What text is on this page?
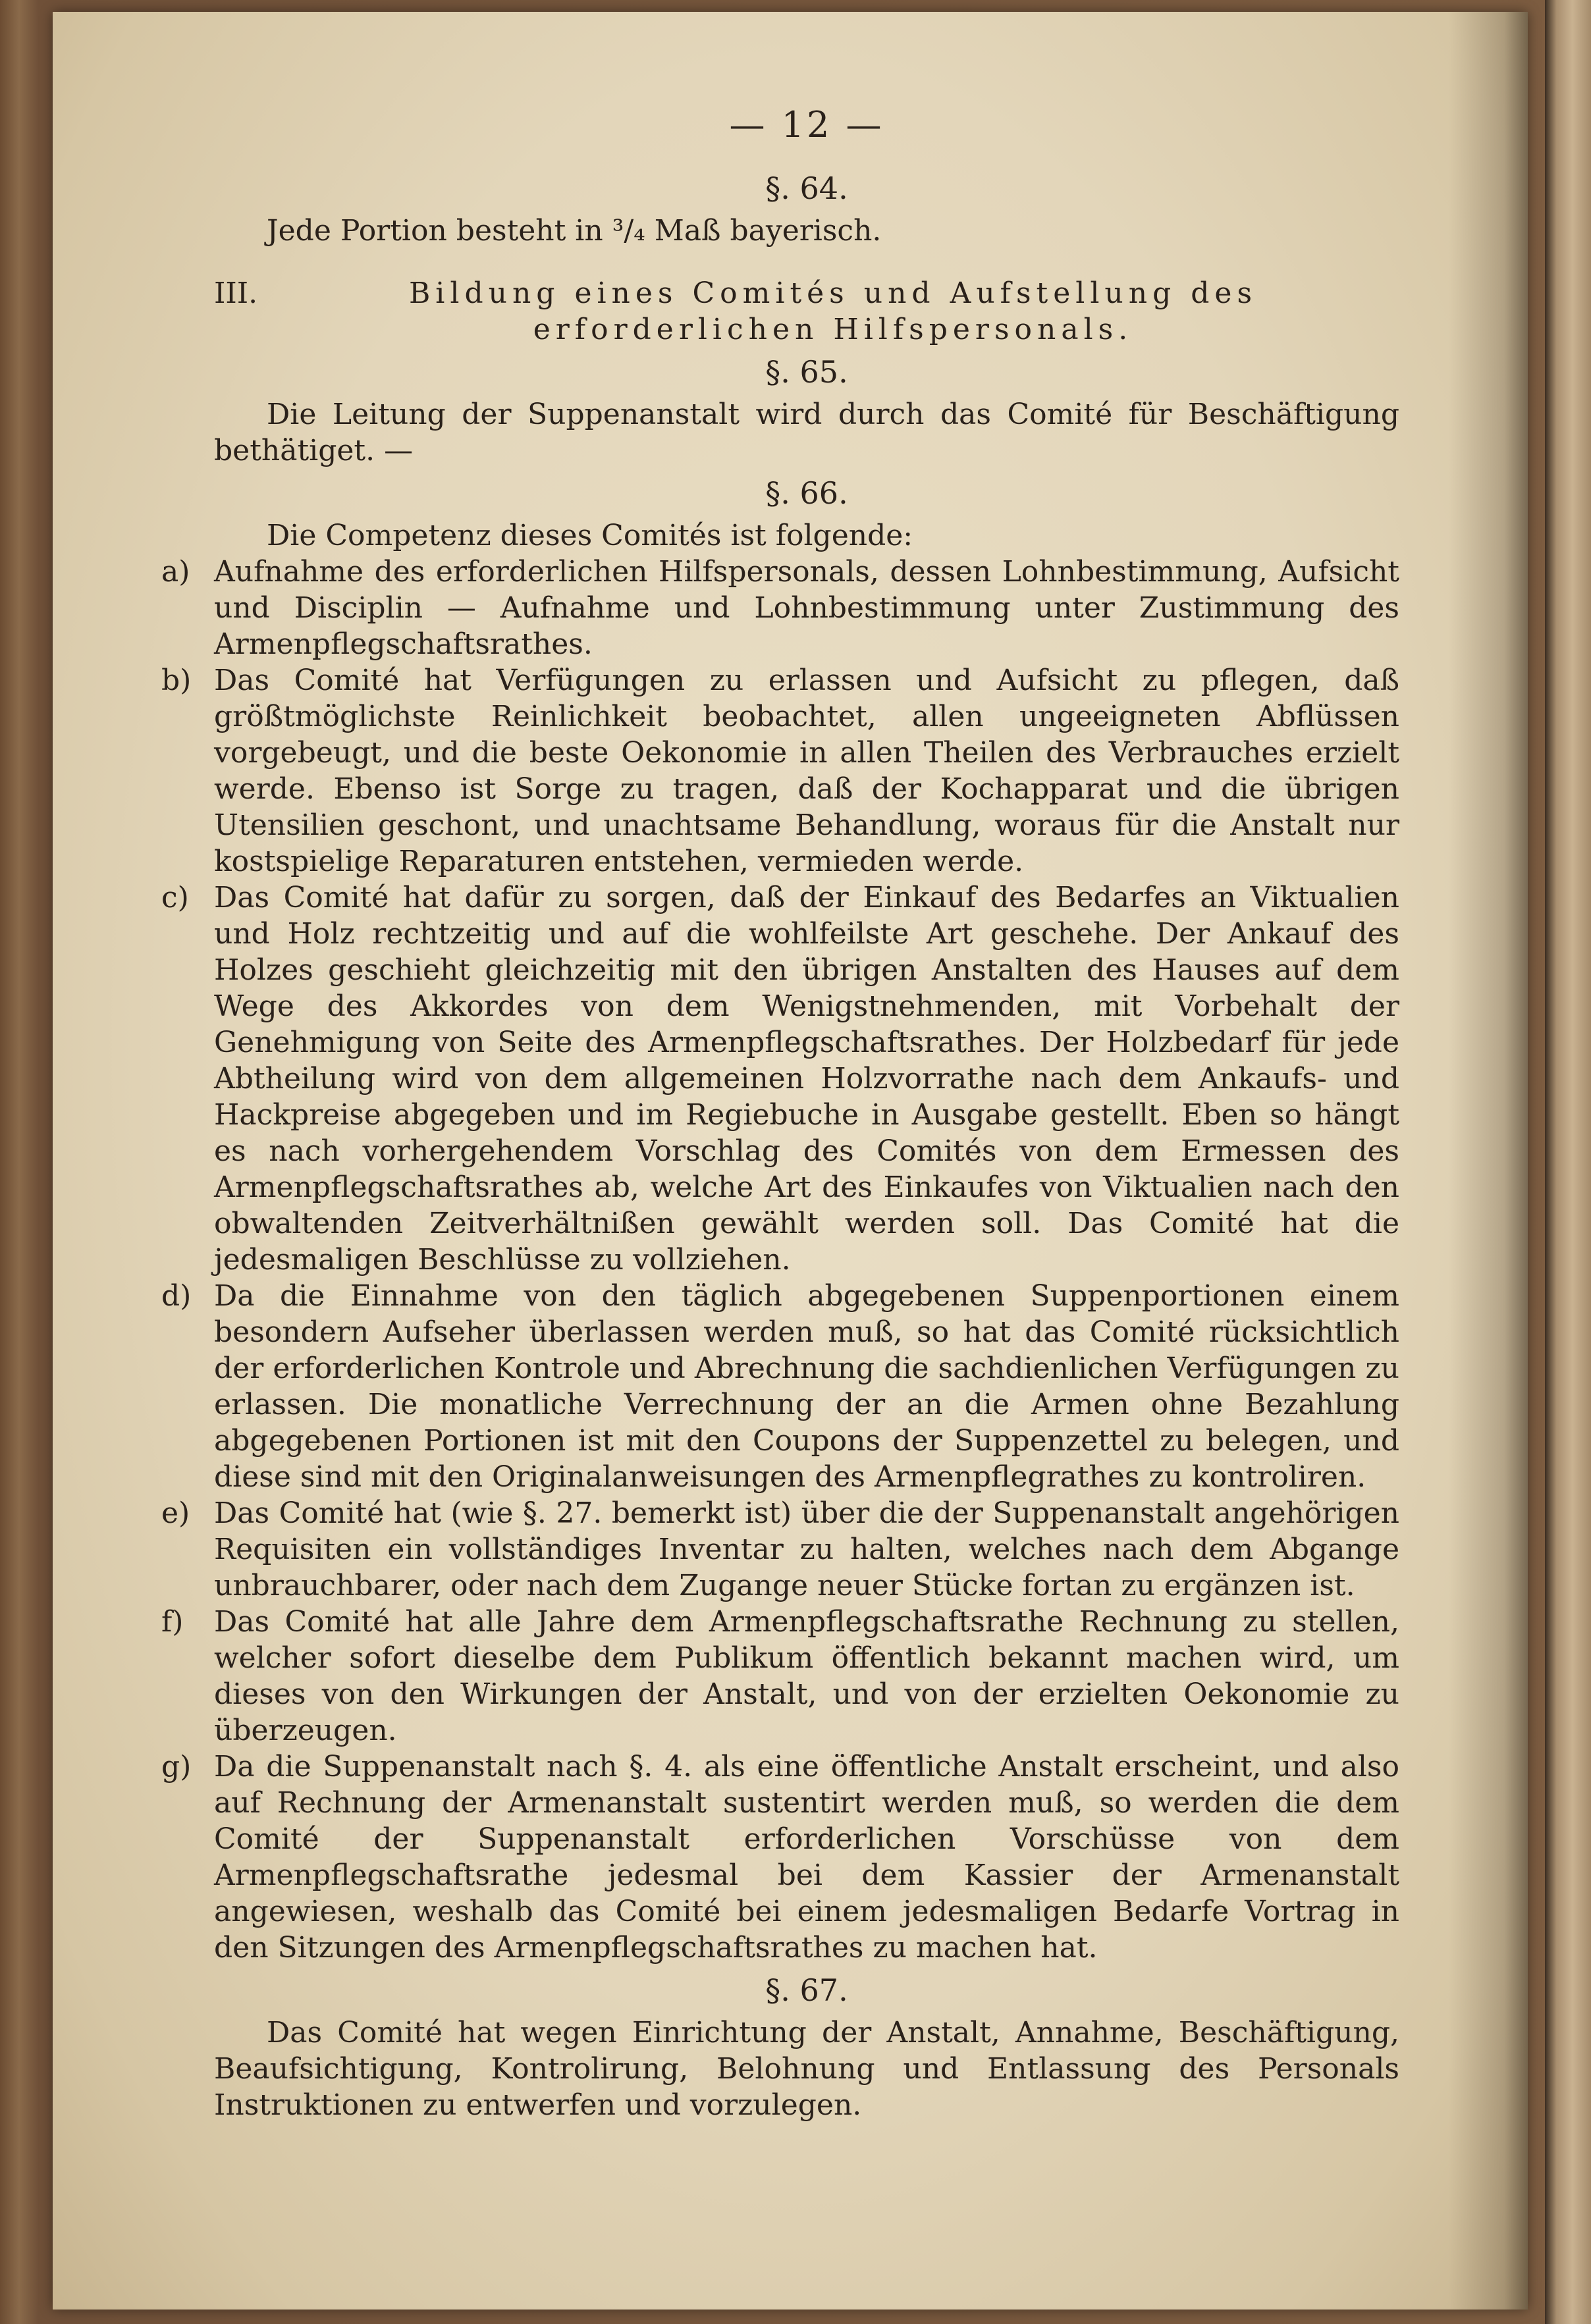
— 12 —
§. 64.

Jede Portion besteht in ³/₄ Maß bayerisch.

III.	Bildung eines Comités und Aufstellung des erforderlichen Hilfspersonals.
§. 65.

Die Leitung der Suppenanstalt wird durch das Comité für Beschäftigung bethätiget. —

§. 66.

Die Competenz dieses Comités ist folgende:

a) Aufnahme des erforderlichen Hilfspersonals, dessen Lohnbestimmung, Aufsicht und Disciplin — Aufnahme und Lohnbestimmung unter Zustimmung des Armenpflegschaftsrathes.
b) Das Comité hat Verfügungen zu erlassen und Aufsicht zu pflegen, daß größtmöglichste Reinlichkeit beobachtet, allen ungeeigneten Abflüssen vorgebeugt, und die beste Oekonomie in allen Theilen des Verbrauches erzielt werde. Ebenso ist Sorge zu tragen, daß der Kochapparat und die übrigen Utensilien geschont, und unachtsame Behandlung, woraus für die Anstalt nur kostspielige Reparaturen entstehen, vermieden werde.
c) Das Comité hat dafür zu sorgen, daß der Einkauf des Bedarfes an Viktualien und Holz rechtzeitig und auf die wohlfeilste Art geschehe. Der Ankauf des Holzes geschieht gleichzeitig mit den übrigen Anstalten des Hauses auf dem Wege des Akkordes von dem Wenigstnehmenden, mit Vorbehalt der Genehmigung von Seite des Armenpflegschaftsrathes. Der Holzbedarf für jede Abtheilung wird von dem allgemeinen Holzvorrathe nach dem Ankaufs- und Hackpreise abgegeben und im Regiebuche in Ausgabe gestellt. Eben so hängt es nach vorhergehendem Vorschlag des Comités von dem Ermessen des Armenpflegschaftsrathes ab, welche Art des Einkaufes von Viktualien nach den obwaltenden Zeitverhältnißen gewählt werden soll. Das Comité hat die jedesmaligen Beschlüsse zu vollziehen.
d) Da die Einnahme von den täglich abgegebenen Suppenportionen einem besondern Aufseher überlassen werden muß, so hat das Comité rücksichtlich der erforderlichen Kontrole und Abrechnung die sachdienlichen Verfügungen zu erlassen. Die monatliche Verrechnung der an die Armen ohne Bezahlung abgegebenen Portionen ist mit den Coupons der Suppenzettel zu belegen, und diese sind mit den Originalanweisungen des Armenpflegrathes zu kontroliren.
e) Das Comité hat (wie §. 27. bemerkt ist) über die der Suppenanstalt angehörigen Requisiten ein vollständiges Inventar zu halten, welches nach dem Abgange unbrauchbarer, oder nach dem Zugange neuer Stücke fortan zu ergänzen ist.
f)	Das Comité hat alle Jahre dem Armenpflegschaftsrathe Rechnung zu stellen, welcher sofort dieselbe dem Publikum öffentlich bekannt machen wird, um dieses von den Wirkungen der Anstalt, und von der erzielten Oekonomie zu überzeugen.
g) Da die Suppenanstalt nach §. 4. als eine öffentliche Anstalt erscheint, und also auf Rechnung der Armenanstalt sustentirt werden muß, so werden die dem Comité der Suppenanstalt erforderlichen Vorschüsse von dem Armenpflegschaftsrathe jedesmal bei dem Kassier der Armenanstalt angewiesen, weshalb das Comité bei einem jedesmaligen Bedarfe Vortrag in den Sitzungen des Armenpflegschaftsrathes zu machen hat.
§. 67.

Das Comité hat wegen Einrichtung der Anstalt, Annahme, Beschäftigung, Beaufsichtigung, Kontrolirung, Belohnung und Entlassung des Personals Instruktionen zu entwerfen und vorzulegen.
